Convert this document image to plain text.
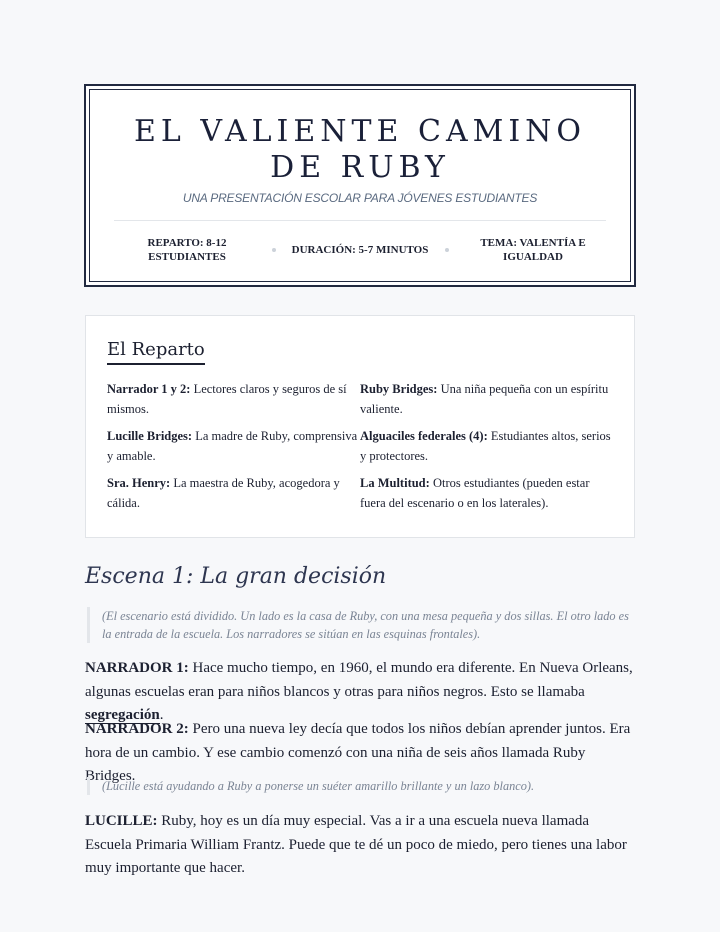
EL VALIENTE CAMINO DE RUBY
UNA PRESENTACIÓN ESCOLAR PARA JÓVENES ESTUDIANTES
REPARTO: 8-12 ESTUDIANTES
DURACIÓN: 5-7 MINUTOS
TEMA: VALENTÍA E IGUALDAD
El Reparto
Narrador 1 y 2: Lectores claros y seguros de sí mismos.
Ruby Bridges: Una niña pequeña con un espíritu valiente.
Lucille Bridges: La madre de Ruby, comprensiva y amable.
Alguaciles federales (4): Estudiantes altos, serios y protectores.
Sra. Henry: La maestra de Ruby, acogedora y cálida.
La Multitud: Otros estudiantes (pueden estar fuera del escenario o en los laterales).
Escena 1: La gran decisión
(El escenario está dividido. Un lado es la casa de Ruby, con una mesa pequeña y dos sillas. El otro lado es la entrada de la escuela. Los narradores se sitúan en las esquinas frontales).
NARRADOR 1: Hace mucho tiempo, en 1960, el mundo era diferente. En Nueva Orleans, algunas escuelas eran para niños blancos y otras para niños negros. Esto se llamaba segregación.
NARRADOR 2: Pero una nueva ley decía que todos los niños debían aprender juntos. Era hora de un cambio. Y ese cambio comenzó con una niña de seis años llamada Ruby Bridges.
(Lucille está ayudando a Ruby a ponerse un suéter amarillo brillante y un lazo blanco).
LUCILLE: Ruby, hoy es un día muy especial. Vas a ir a una escuela nueva llamada Escuela Primaria William Frantz. Puede que te dé un poco de miedo, pero tienes una labor muy importante que hacer.
